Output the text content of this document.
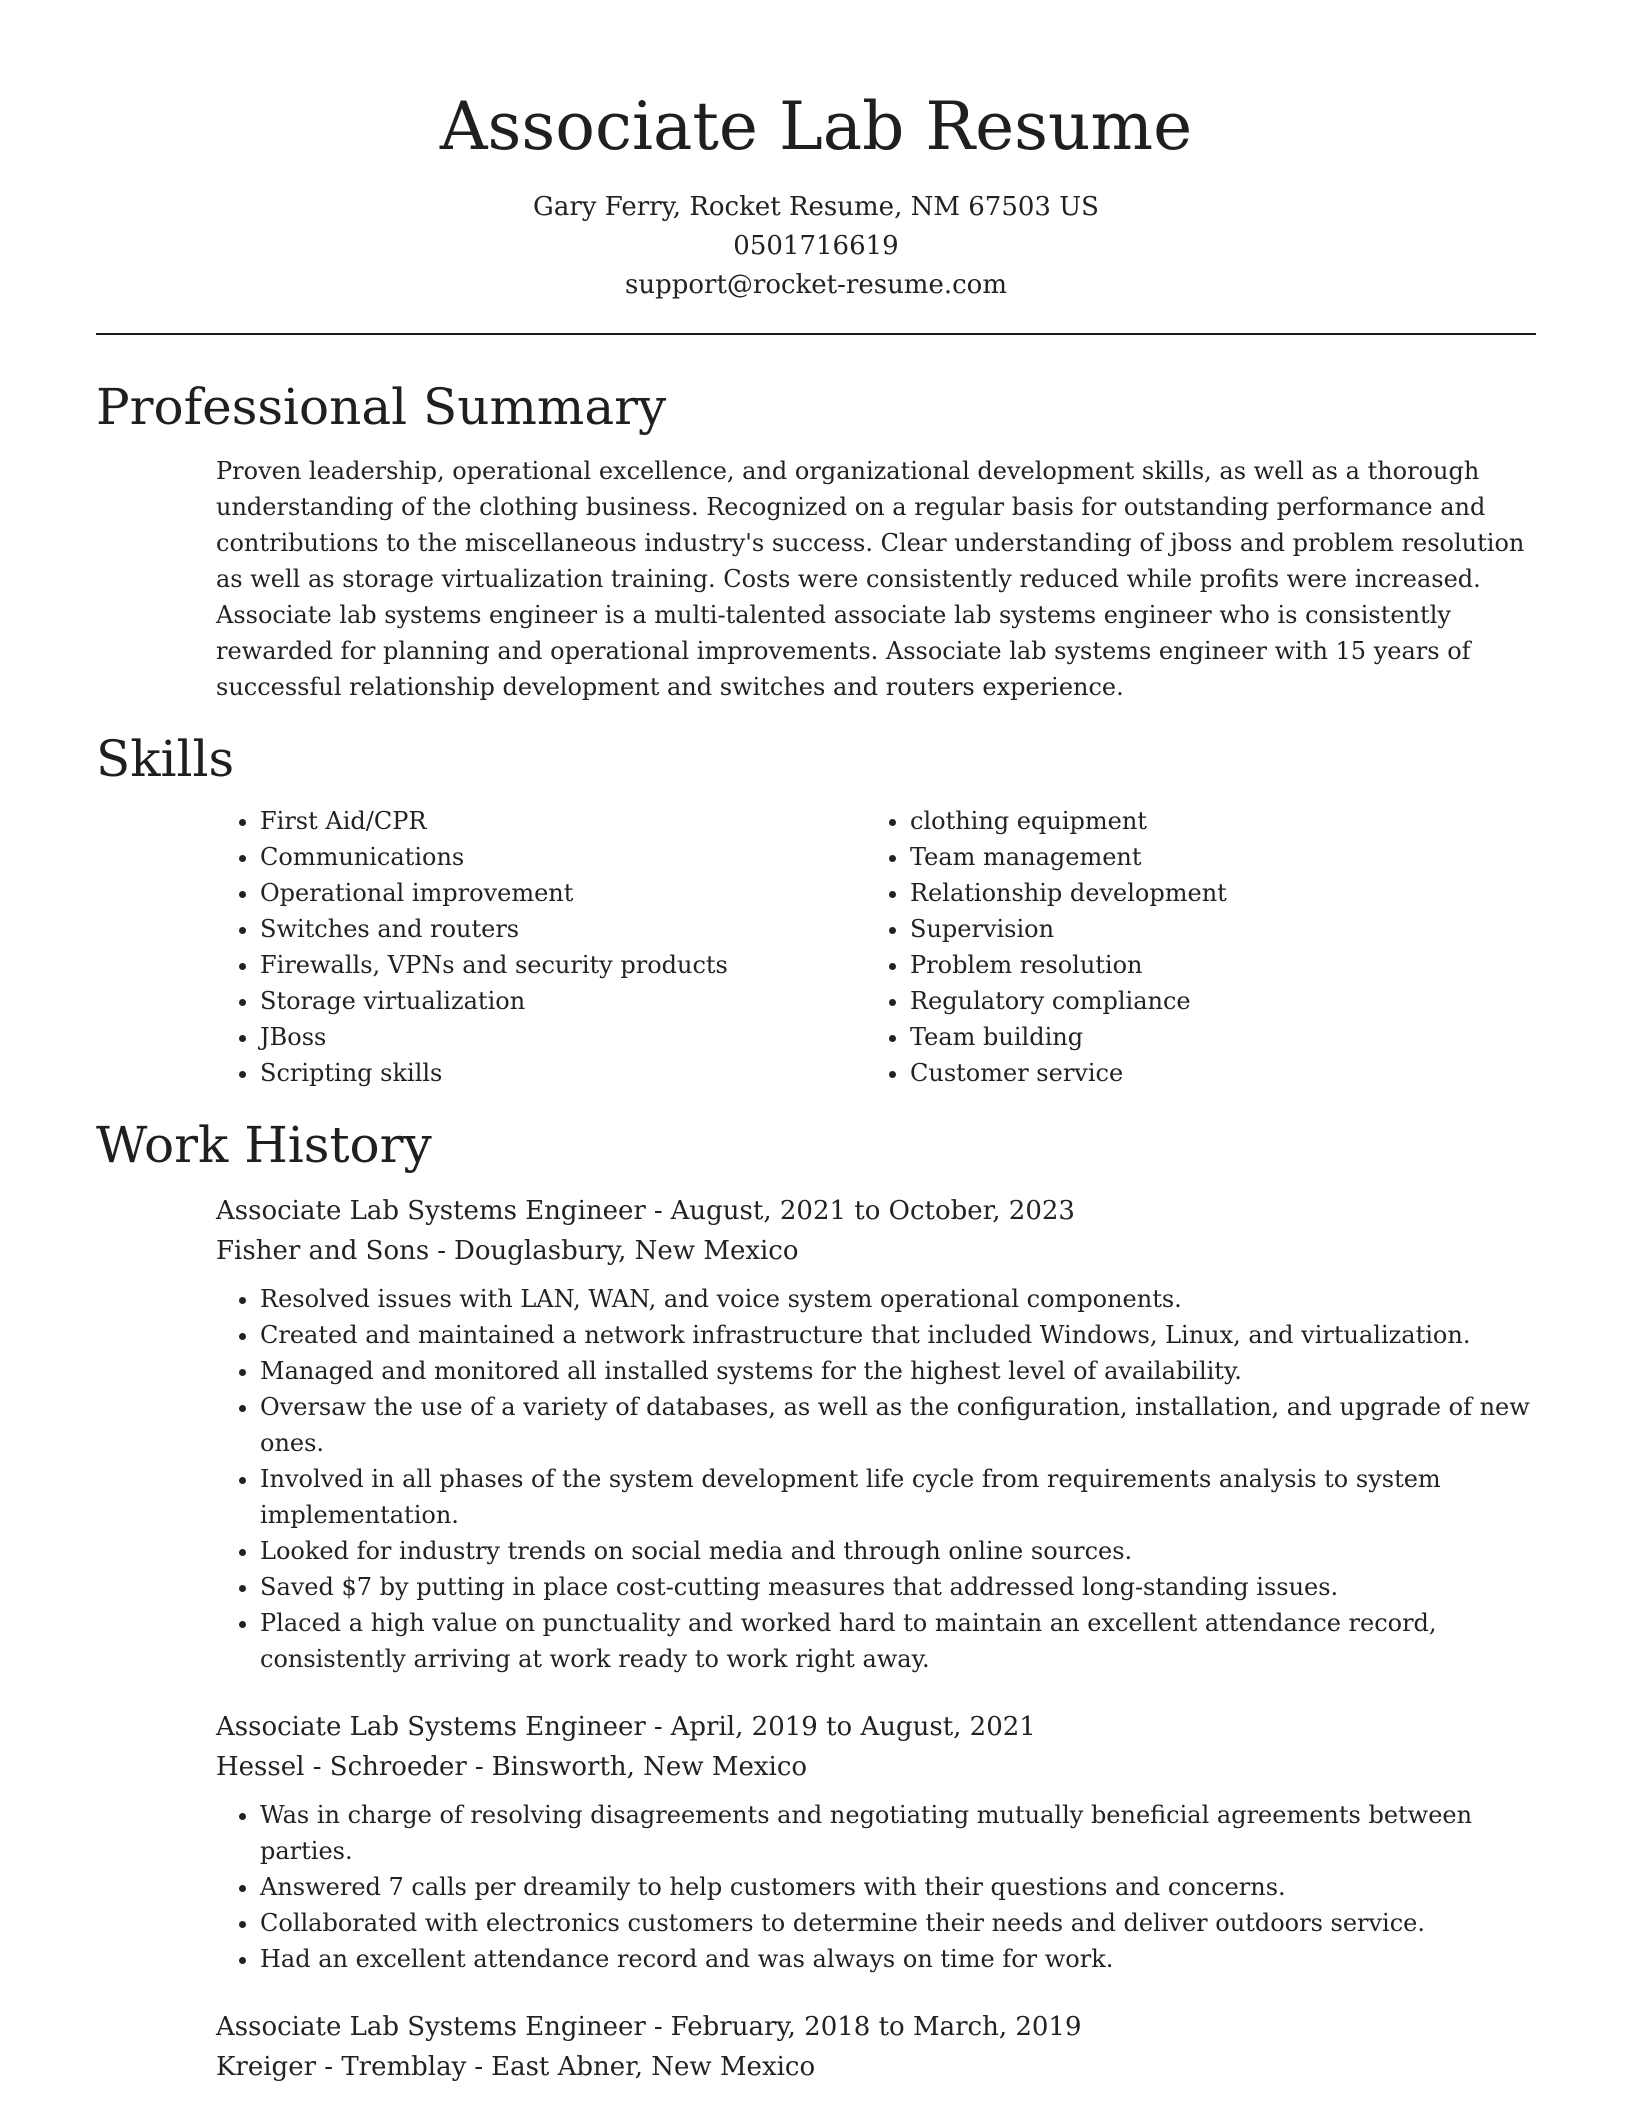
Associate Lab Resume
Gary Ferry, Rocket Resume, NM 67503 US
0501716619
support@rocket-resume.com
Professional Summary

Proven leadership, operational excellence, and organizational development skills, as well as a thorough understanding of the clothing business. Recognized on a regular basis for outstanding performance and contributions to the miscellaneous industry's success. Clear understanding of jboss and problem resolution as well as storage virtualization training. Costs were consistently reduced while profits were increased. Associate lab systems engineer is a multi-talented associate lab systems engineer who is consistently rewarded for planning and operational improvements. Associate lab systems engineer with 15 years of successful relationship development and switches and routers experience.

Skills
• First Aid/CPR
• Communications
• Operational improvement
• Switches and routers
• Firewalls, VPNs and security products
• Storage virtualization
• JBoss
• Scripting skills
• clothing equipment
• Team management
• Relationship development
• Supervision
• Problem resolution
• Regulatory compliance
• Team building
• Customer service
Work History

Associate Lab Systems Engineer - August, 2021 to October, 2023

Fisher and Sons - Douglasbury, New Mexico

• Resolved issues with LAN, WAN, and voice system operational components.
• Created and maintained a network infrastructure that included Windows, Linux, and virtualization.
• Managed and monitored all installed systems for the highest level of availability.
• Oversaw the use of a variety of databases, as well as the configuration, installation, and upgrade of new ones.
• Involved in all phases of the system development life cycle from requirements analysis to system implementation.
• Looked for industry trends on social media and through online sources.
• Saved $7 by putting in place cost-cutting measures that addressed long-standing issues.
• Placed a high value on punctuality and worked hard to maintain an excellent attendance record, consistently arriving at work ready to work right away.

Associate Lab Systems Engineer - April, 2019 to August, 2021

Hessel - Schroeder - Binsworth, New Mexico

• Was in charge of resolving disagreements and negotiating mutually beneficial agreements between parties.
• Answered 7 calls per dreamily to help customers with their questions and concerns.
• Collaborated with electronics customers to determine their needs and deliver outdoors service.
• Had an excellent attendance record and was always on time for work.

Associate Lab Systems Engineer - February, 2018 to March, 2019

Kreiger - Tremblay - East Abner, New Mexico
